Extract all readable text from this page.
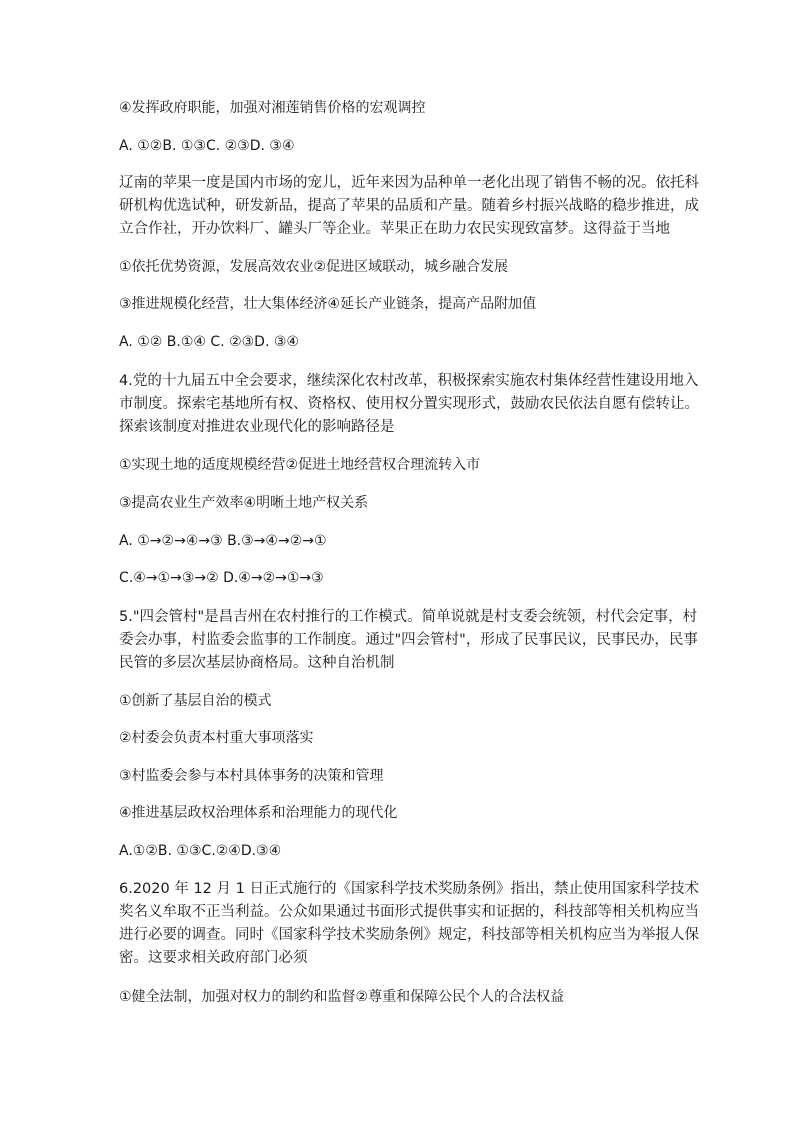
④发挥政府职能，加强对湘莲销售价格的宏观调控
A. ①②B. ①③C. ②③D. ③④
辽南的苹果一度是国内市场的宠儿，近年来因为品种单一老化出现了销售不畅的况。依托科
研机构优选试种，研发新品，提高了苹果的品质和产量。随着乡村振兴战略的稳步推进，成
立合作社，开办饮料厂、罐头厂等企业。苹果正在助力农民实现致富梦。这得益于当地
①依托优势资源，发展高效农业②促进区域联动，城乡融合发展
③推进规模化经营，壮大集体经济④延长产业链条，提高产品附加值
A. ①② B.①④ C. ②③D. ③④
4.党的十九届五中全会要求，继续深化农村改革，积极探索实施农村集体经营性建设用地入
市制度。探索宅基地所有权、资格权、使用权分置实现形式，鼓励农民依法自愿有偿转让。
探索该制度对推进农业现代化的影响路径是
①实现土地的适度规模经营②促进土地经营权合理流转入市
③提高农业生产效率④明晰土地产权关系
A. ①→②→④→③ B.③→④→②→①
C.④→①→③→② D.④→②→①→③
5."四会管村"是昌吉州在农村推行的工作模式。简单说就是村支委会统领，村代会定事，村
委会办事，村监委会监事的工作制度。通过"四会管村"，形成了民事民议，民事民办，民事
民管的多层次基层协商格局。这种自治机制
①创新了基层自治的模式
②村委会负责本村重大事项落实
③村监委会参与本村具体事务的决策和管理
④推进基层政权治理体系和治理能力的现代化
A.①②B. ①③C.②④D.③④
6.2020 年 12 月 1 日正式施行的《国家科学技术奖励条例》指出，禁止使用国家科学技术
奖名义牟取不正当利益。公众如果通过书面形式提供事实和证据的，科技部等相关机构应当
进行必要的调查。同时《国家科学技术奖励条例》规定，科技部等相关机构应当为举报人保
密。这要求相关政府部门必须
①健全法制，加强对权力的制约和监督②尊重和保障公民个人的合法权益
